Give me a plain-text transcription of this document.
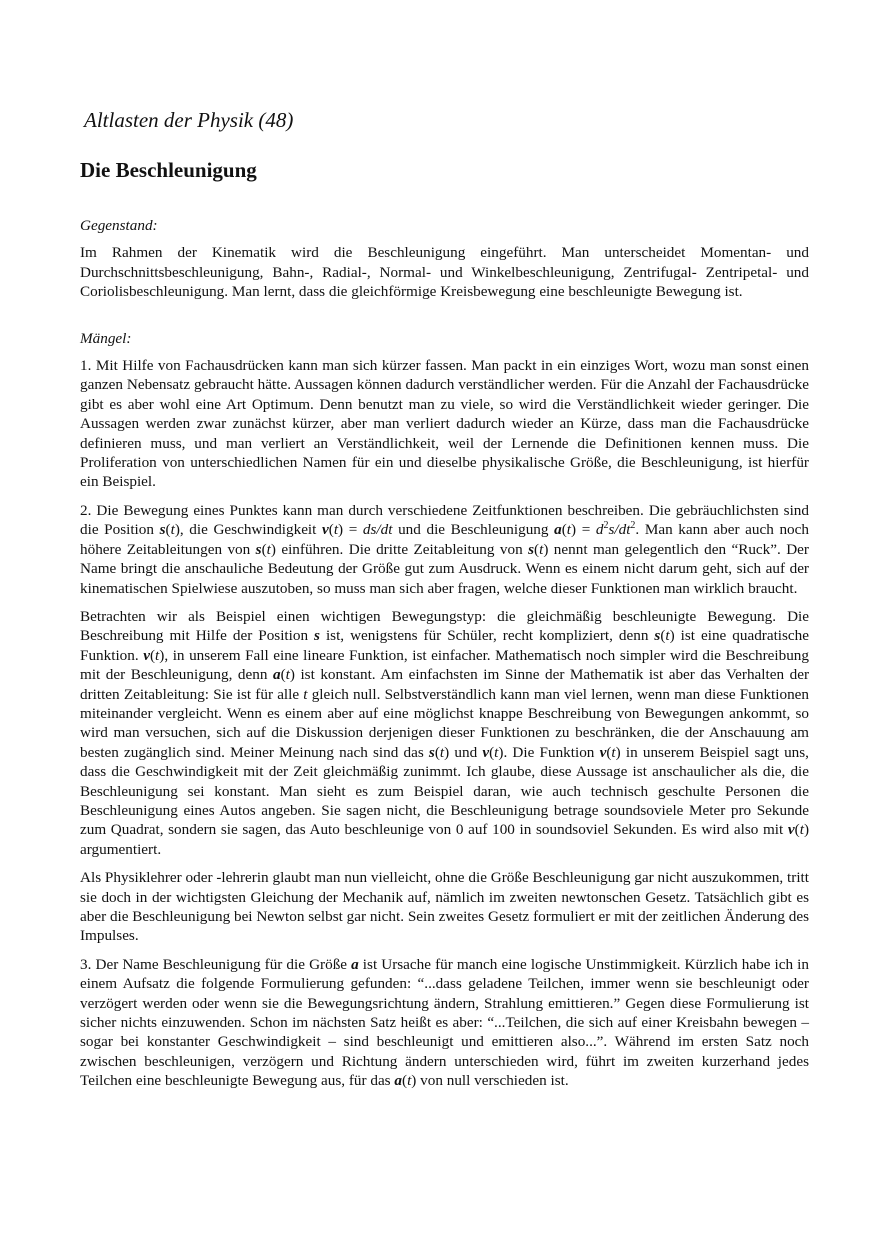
Altlasten der Physik (48)
Die Beschleunigung

Gegenstand:

Im Rahmen der Kinematik wird die Beschleunigung eingeführt. Man unterscheidet Momentan- und Durchschnittsbeschleunigung, Bahn-, Radial-, Normal- und Winkelbeschleunigung, Zentrifugal- Zentripetal- und Coriolisbeschleunigung. Man lernt, dass die gleichförmige Kreisbewegung eine beschleunigte Bewegung ist.

Mängel:

1. Mit Hilfe von Fachausdrücken kann man sich kürzer fassen. Man packt in ein einziges Wort, wozu man sonst einen ganzen Nebensatz gebraucht hätte. Aussagen können dadurch verständlicher werden. Für die Anzahl der Fachausdrücke gibt es aber wohl eine Art Optimum. Denn benutzt man zu viele, so wird die Verständlichkeit wieder geringer. Die Aussagen werden zwar zunächst kürzer, aber man verliert dadurch wieder an Kürze, dass man die Fachausdrücke definieren muss, und man verliert an Verständlichkeit, weil der Lernende die Definitionen kennen muss. Die Proliferation von unterschiedlichen Namen für ein und dieselbe physikalische Größe, die Beschleunigung, ist hierfür ein Beispiel.

2. Die Bewegung eines Punktes kann man durch verschiedene Zeitfunktionen beschreiben. Die gebräuchlichsten sind die Position s(t), die Geschwindigkeit v(t) = ds/dt und die Beschleunigung $a(t) = d^2s/dt^2$. Man kann aber auch noch höhere Zeitableitungen von s(t) einführen. Die dritte Zeitableitung von s(t) nennt man gelegentlich den “Ruck”. Der Name bringt die anschauliche Bedeutung der Größe gut zum Ausdruck. Wenn es einem nicht darum geht, sich auf der kinematischen Spielwiese auszutoben, so muss man sich aber fragen, welche dieser Funktionen man wirklich braucht.

Betrachten wir als Beispiel einen wichtigen Bewegungstyp: die gleichmäßig beschleunigte Bewegung. Die Beschreibung mit Hilfe der Position s ist, wenigstens für Schüler, recht kompliziert, denn s(t) ist eine quadratische Funktion. v(t), in unserem Fall eine lineare Funktion, ist einfacher. Mathematisch noch simpler wird die Beschreibung mit der Beschleunigung, denn a(t) ist konstant. Am einfachsten im Sinne der Mathematik ist aber das Verhalten der dritten Zeitableitung: Sie ist für alle t gleich null. Selbstverständlich kann man viel lernen, wenn man diese Funktionen miteinander vergleicht. Wenn es einem aber auf eine möglichst knappe Beschreibung von Bewegungen ankommt, so wird man versuchen, sich auf die Diskussion derjenigen dieser Funktionen zu beschränken, die der Anschauung am besten zugänglich sind. Meiner Meinung nach sind das s(t) und v(t). Die Funktion v(t) in unserem Beispiel sagt uns, dass die Geschwindigkeit mit der Zeit gleichmäßig zunimmt. Ich glaube, diese Aussage ist anschaulicher als die, die Beschleunigung sei konstant. Man sieht es zum Beispiel daran, wie auch technisch geschulte Personen die Beschleunigung eines Autos angeben. Sie sagen nicht, die Beschleunigung betrage soundsoviele Meter pro Sekunde zum Quadrat, sondern sie sagen, das Auto beschleunige von 0 auf 100 in soundsoviel Sekunden. Es wird also mit v(t) argumentiert.

Als Physiklehrer oder -lehrerin glaubt man nun vielleicht, ohne die Größe Beschleunigung gar nicht auszukommen, tritt sie doch in der wichtigsten Gleichung der Mechanik auf, nämlich im zweiten newtonschen Gesetz. Tatsächlich gibt es aber die Beschleunigung bei Newton selbst gar nicht. Sein zweites Gesetz formuliert er mit der zeitlichen Änderung des Impulses.

3. Der Name Beschleunigung für die Größe a ist Ursache für manch eine logische Unstimmigkeit. Kürzlich habe ich in einem Aufsatz die folgende Formulierung gefunden: “...dass geladene Teilchen, immer wenn sie beschleunigt oder verzögert werden oder wenn sie die Bewegungsrichtung ändern, Strahlung emittieren.” Gegen diese Formulierung ist sicher nichts einzuwenden. Schon im nächsten Satz heißt es aber: “...Teilchen, die sich auf einer Kreisbahn bewegen – sogar bei konstanter Geschwindigkeit – sind beschleunigt und emittieren also...”. Während im ersten Satz noch zwischen beschleunigen, verzögern und Richtung ändern unterschieden wird, führt im zweiten kurzerhand jedes Teilchen eine beschleunigte Bewegung aus, für das a(t) von null verschieden ist.
